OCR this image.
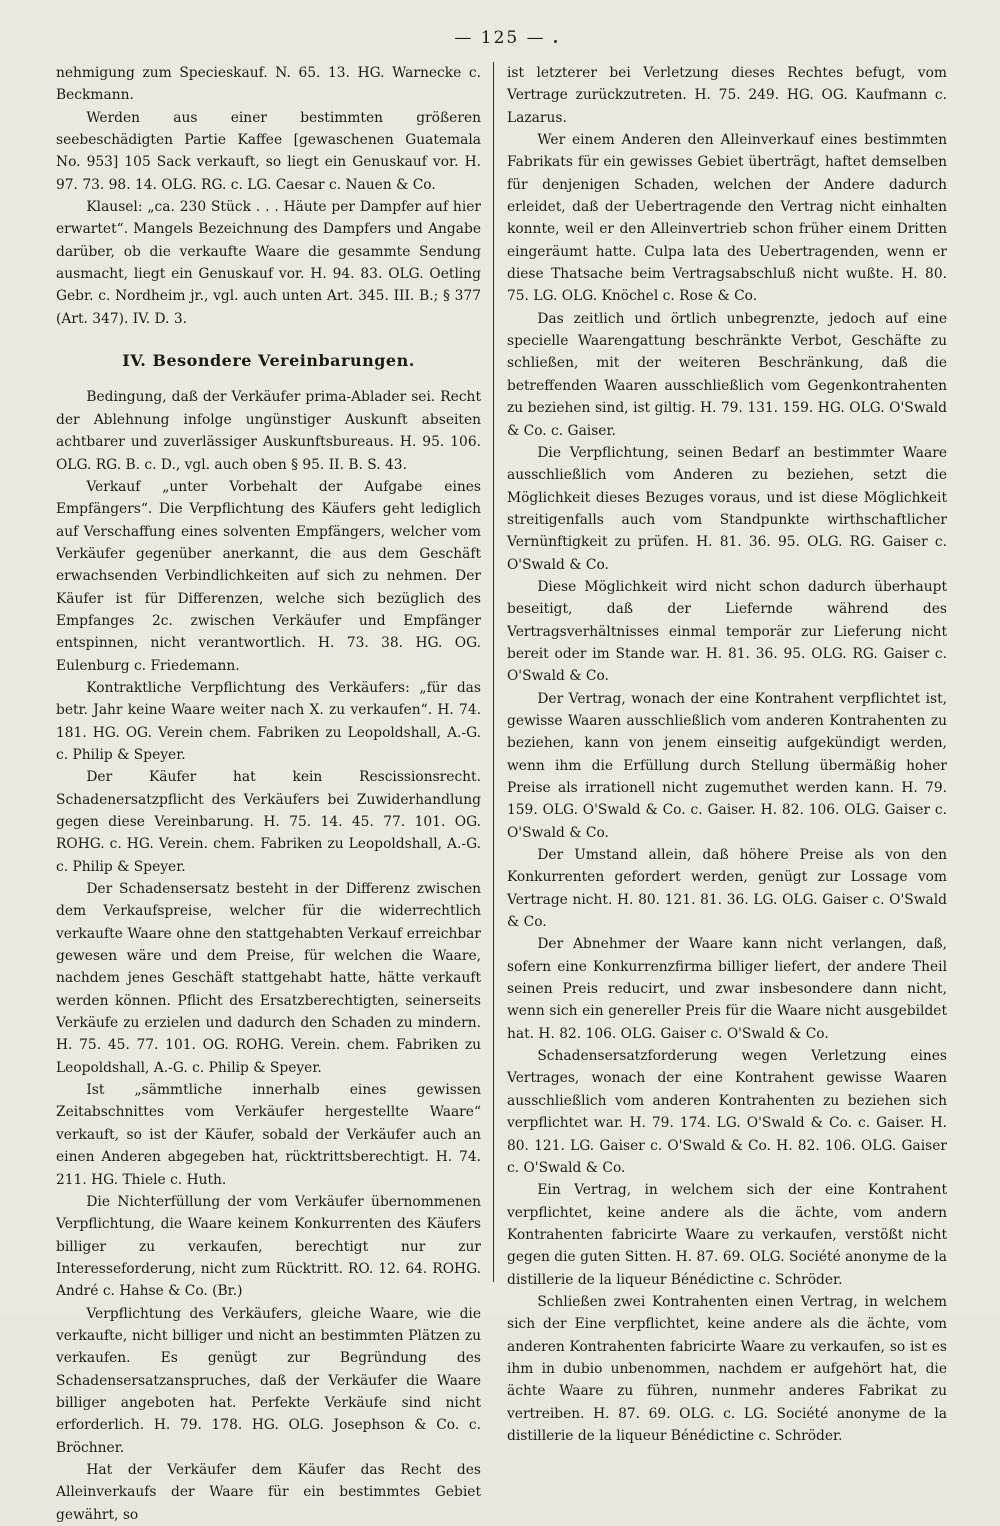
— 125 —

nehmigung zum Specieskauf. N. 65. 13. HG. Warnecke c. Beckmann.

Werden aus einer bestimmten größeren seebeschädigten Partie Kaffee [gewaschenen Guatemala No. 953] 105 Sack verkauft, so liegt ein Genuskauf vor. H. 97. 73. 98. 14. OLG. RG. c. LG. Caesar c. Nauen & Co.

Klausel: „ca. 230 Stück . . . Häute per Dampfer auf hier erwartet“. Mangels Bezeichnung des Dampfers und Angabe darüber, ob die verkaufte Waare die gesammte Sendung ausmacht, liegt ein Genuskauf vor. H. 94. 83. OLG. Oetling Gebr. c. Nordheim jr., vgl. auch unten Art. 345. III. B.; § 377 (Art. 347). IV. D. 3.

IV. Besondere Vereinbarungen.

Bedingung, daß der Verkäufer prima-Ablader sei. Recht der Ablehnung infolge ungünstiger Auskunft abseiten achtbarer und zuverlässiger Auskunftsbureaus. H. 95. 106. OLG. RG. B. c. D., vgl. auch oben § 95. II. B. S. 43.

Verkauf „unter Vorbehalt der Aufgabe eines Empfängers“. Die Verpflichtung des Käufers geht lediglich auf Verschaffung eines solventen Empfängers, welcher vom Verkäufer gegenüber anerkannt, die aus dem Geschäft erwachsenden Verbindlichkeiten auf sich zu nehmen. Der Käufer ist für Differenzen, welche sich bezüglich des Empfanges 2c. zwischen Verkäufer und Empfänger entspinnen, nicht verantwortlich. H. 73. 38. HG. OG. Eulenburg c. Friedemann.

Kontraktliche Verpflichtung des Verkäufers: „für das betr. Jahr keine Waare weiter nach X. zu verkaufen“. H. 74. 181. HG. OG. Verein chem. Fabriken zu Leopoldshall, A.-G. c. Philip & Speyer.

Der Käufer hat kein Rescissionsrecht. Schadenersatzpflicht des Verkäufers bei Zuwiderhandlung gegen diese Vereinbarung. H. 75. 14. 45. 77. 101. OG. ROHG. c. HG. Verein. chem. Fabriken zu Leopoldshall, A.-G. c. Philip & Speyer.

Der Schadensersatz besteht in der Differenz zwischen dem Verkaufspreise, welcher für die widerrechtlich verkaufte Waare ohne den stattgehabten Verkauf erreichbar gewesen wäre und dem Preise, für welchen die Waare, nachdem jenes Geschäft stattgehabt hatte, hätte verkauft werden können. Pflicht des Ersatzberechtigten, seinerseits Verkäufe zu erzielen und dadurch den Schaden zu mindern. H. 75. 45. 77. 101. OG. ROHG. Verein. chem. Fabriken zu Leopoldshall, A.-G. c. Philip & Speyer.

Ist „sämmtliche innerhalb eines gewissen Zeitabschnittes vom Verkäufer hergestellte Waare“ verkauft, so ist der Käufer, sobald der Verkäufer auch an einen Anderen abgegeben hat, rücktrittsberechtigt. H. 74. 211. HG. Thiele c. Huth.

Die Nichterfüllung der vom Verkäufer übernommenen Verpflichtung, die Waare keinem Konkurrenten des Käufers billiger zu verkaufen, berechtigt nur zur Interesseforderung, nicht zum Rücktritt. RO. 12. 64. ROHG. André c. Hahse & Co. (Br.)

Verpflichtung des Verkäufers, gleiche Waare, wie die verkaufte, nicht billiger und nicht an bestimmten Plätzen zu verkaufen. Es genügt zur Begründung des Schadensersatzanspruches, daß der Verkäufer die Waare billiger angeboten hat. Perfekte Verkäufe sind nicht erforderlich. H. 79. 178. HG. OLG. Josephson & Co. c. Bröchner.

Hat der Verkäufer dem Käufer das Recht des Alleinverkaufs der Waare für ein bestimmtes Gebiet gewährt, so

ist letzterer bei Verletzung dieses Rechtes befugt, vom Vertrage zurückzutreten. H. 75. 249. HG. OG. Kaufmann c. Lazarus.

Wer einem Anderen den Alleinverkauf eines bestimmten Fabrikats für ein gewisses Gebiet überträgt, haftet demselben für denjenigen Schaden, welchen der Andere dadurch erleidet, daß der Uebertragende den Vertrag nicht einhalten konnte, weil er den Alleinvertrieb schon früher einem Dritten eingeräumt hatte. Culpa lata des Uebertragenden, wenn er diese Thatsache beim Vertragsabschluß nicht wußte. H. 80. 75. LG. OLG. Knöchel c. Rose & Co.

Das zeitlich und örtlich unbegrenzte, jedoch auf eine specielle Waarengattung beschränkte Verbot, Geschäfte zu schließen, mit der weiteren Beschränkung, daß die betreffenden Waaren ausschließlich vom Gegenkontrahenten zu beziehen sind, ist giltig. H. 79. 131. 159. HG. OLG. O'Swald & Co. c. Gaiser.

Die Verpflichtung, seinen Bedarf an bestimmter Waare ausschließlich vom Anderen zu beziehen, setzt die Möglichkeit dieses Bezuges voraus, und ist diese Möglichkeit streitigenfalls auch vom Standpunkte wirthschaftlicher Vernünftigkeit zu prüfen. H. 81. 36. 95. OLG. RG. Gaiser c. O'Swald & Co.

Diese Möglichkeit wird nicht schon dadurch überhaupt beseitigt, daß der Liefernde während des Vertragsverhältnisses einmal temporär zur Lieferung nicht bereit oder im Stande war. H. 81. 36. 95. OLG. RG. Gaiser c. O'Swald & Co.

Der Vertrag, wonach der eine Kontrahent verpflichtet ist, gewisse Waaren ausschließlich vom anderen Kontrahenten zu beziehen, kann von jenem einseitig aufgekündigt werden, wenn ihm die Erfüllung durch Stellung übermäßig hoher Preise als irrationell nicht zugemuthet werden kann. H. 79. 159. OLG. O'Swald & Co. c. Gaiser. H. 82. 106. OLG. Gaiser c. O'Swald & Co.

Der Umstand allein, daß höhere Preise als von den Konkurrenten gefordert werden, genügt zur Lossage vom Vertrage nicht. H. 80. 121. 81. 36. LG. OLG. Gaiser c. O'Swald & Co.

Der Abnehmer der Waare kann nicht verlangen, daß, sofern eine Konkurrenzfirma billiger liefert, der andere Theil seinen Preis reducirt, und zwar insbesondere dann nicht, wenn sich ein genereller Preis für die Waare nicht ausgebildet hat. H. 82. 106. OLG. Gaiser c. O'Swald & Co.

Schadensersatzforderung wegen Verletzung eines Vertrages, wonach der eine Kontrahent gewisse Waaren ausschließlich vom anderen Kontrahenten zu beziehen sich verpflichtet war. H. 79. 174. LG. O'Swald & Co. c. Gaiser. H. 80. 121. LG. Gaiser c. O'Swald & Co. H. 82. 106. OLG. Gaiser c. O'Swald & Co.

Ein Vertrag, in welchem sich der eine Kontrahent verpflichtet, keine andere als die ächte, vom andern Kontrahenten fabricirte Waare zu verkaufen, verstößt nicht gegen die guten Sitten. H. 87. 69. OLG. Société anonyme de la distillerie de la liqueur Bénédictine c. Schröder.

Schließen zwei Kontrahenten einen Vertrag, in welchem sich der Eine verpflichtet, keine andere als die ächte, vom anderen Kontrahenten fabricirte Waare zu verkaufen, so ist es ihm in dubio unbenommen, nachdem er aufgehört hat, die ächte Waare zu führen, nunmehr anderes Fabrikat zu vertreiben. H. 87. 69. OLG. c. LG. Société anonyme de la distillerie de la liqueur Bénédictine c. Schröder.
